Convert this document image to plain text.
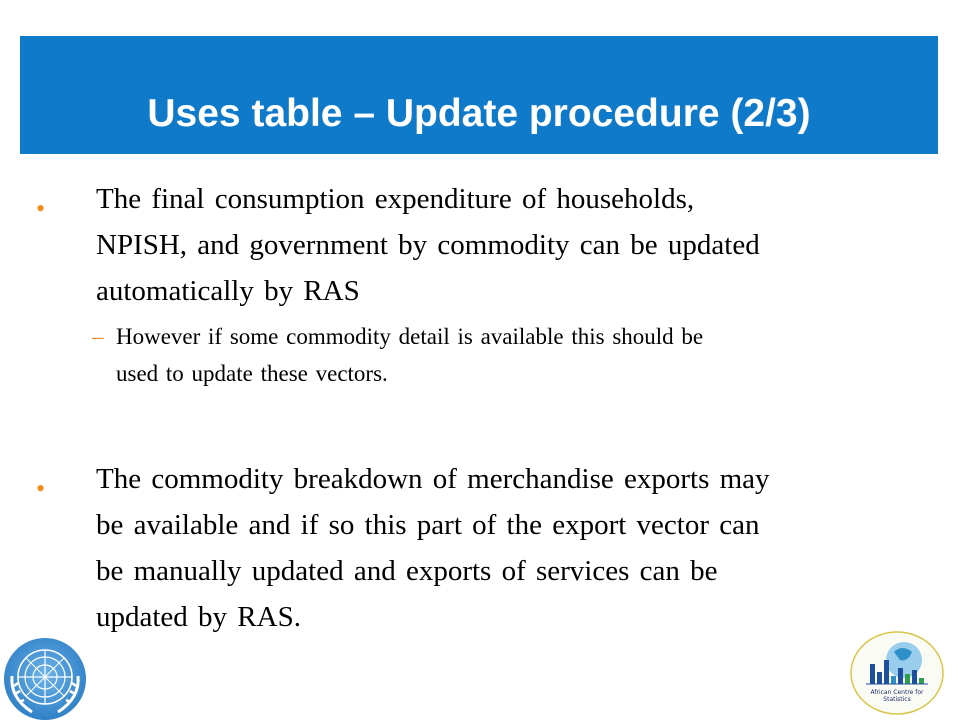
Uses table – Update procedure (2/3)
• The final consumption expenditure of households,

NPISH, and government by commodity can be updated

automatically by RAS

– However if some commodity detail is available this should be

used to update these vectors.

• The commodity breakdown of merchandise exports may

be available and if so this part of the export vector can

be manually updated and exports of services can be

updated by RAS.

African Centre for
Statistics
